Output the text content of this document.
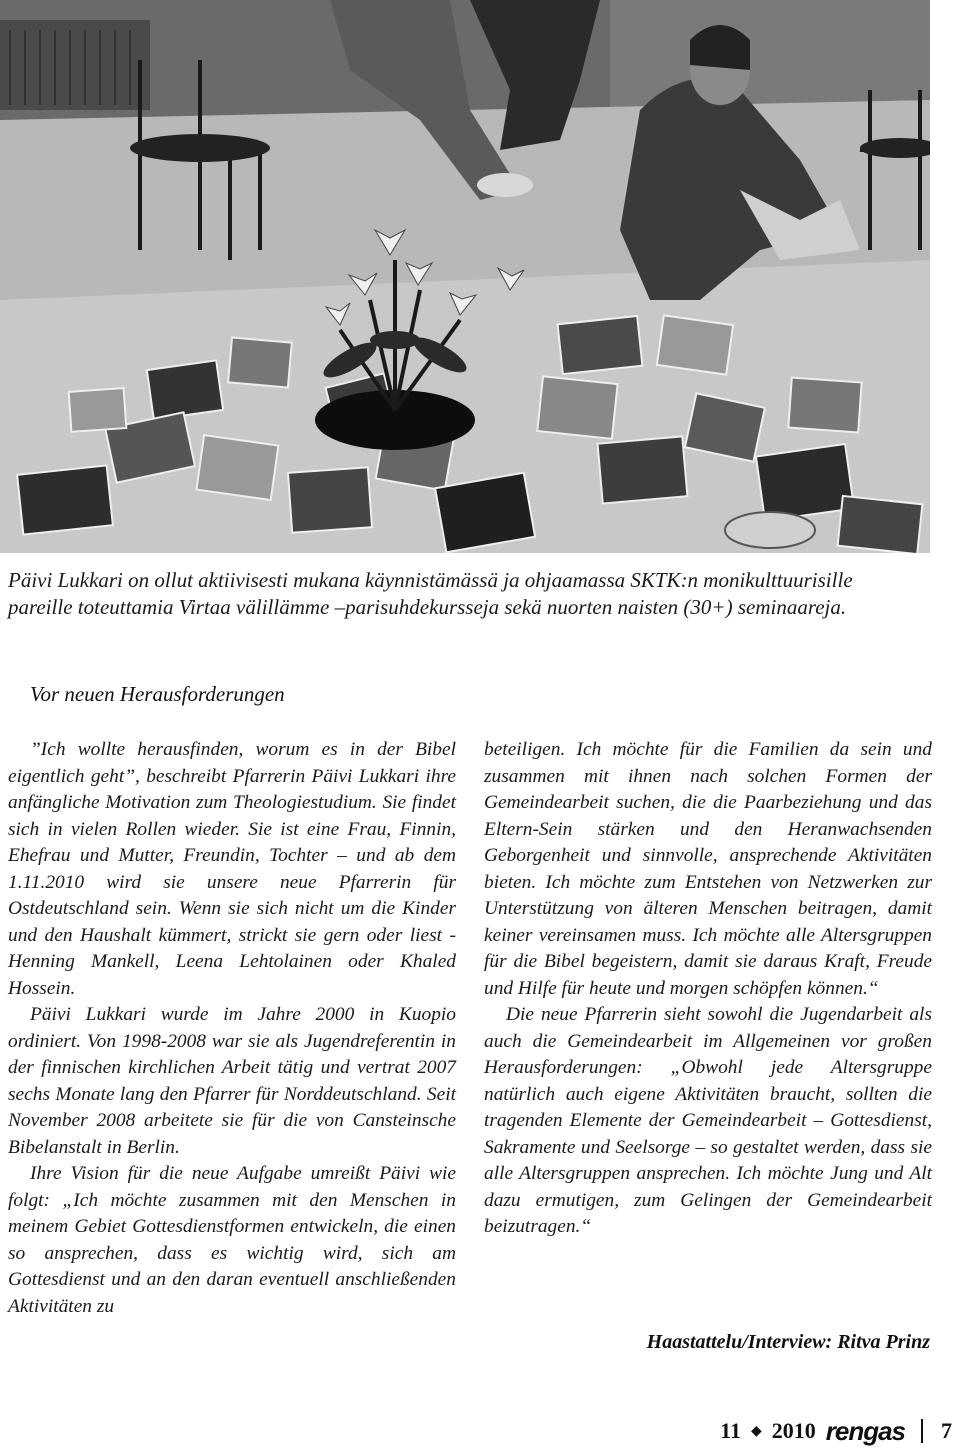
Päivi Lukkari on ollut aktiivisesti mukana käynnistämässä ja ohjaamassa SKTK:n monikulttuurisille

pareille toteuttamia Virtaa välillämme –parisuhdekursseja sekä nuorten naisten (30+) seminaareja.

Vor neuen Herausforderungen

”Ich wollte herausfinden, worum es in der Bibel eigentlich geht”, beschreibt Pfarrerin Päivi Lukkari ihre anfängliche Motivation zum Theologiestudium. Sie findet sich in vielen Rollen wieder. Sie ist eine Frau, Finnin, Ehefrau und Mutter, Freundin, Tochter – und ab dem 1.11.2010 wird sie unsere neue Pfarrerin für Ostdeutschland sein. Wenn sie sich nicht um die Kinder und den Haushalt kümmert, strickt sie gern oder liest - Henning Mankell, Leena Lehtolainen oder Khaled Hossein.

Päivi Lukkari wurde im Jahre 2000 in Kuopio ordiniert. Von 1998-2008 war sie als Jugendreferentin in der finnischen kirchlichen Arbeit tätig und vertrat 2007 sechs Monate lang den Pfarrer für Norddeutschland. Seit November 2008 arbeitete sie für die von Cansteinsche Bibelanstalt in Berlin.

Ihre Vision für die neue Aufgabe umreißt Päivi wie folgt: „Ich möchte zusammen mit den Menschen in meinem Gebiet Gottesdienstformen entwickeln, die einen so ansprechen, dass es wichtig wird, sich am Gottesdienst und an den daran eventuell anschließenden Aktivitäten zu

beteiligen. Ich möchte für die Familien da sein und zusammen mit ihnen nach solchen Formen der Gemeindearbeit suchen, die die Paarbeziehung und das Eltern-Sein stärken und den Heranwachsenden Geborgenheit und sinnvolle, ansprechende Aktivitäten bieten. Ich möchte zum Entstehen von Netzwerken zur Unterstützung von älteren Menschen beitragen, damit keiner vereinsamen muss. Ich möchte alle Altersgruppen für die Bibel begeistern, damit sie daraus Kraft, Freude und Hilfe für heute und morgen schöpfen können.“

Die neue Pfarrerin sieht sowohl die Jugendarbeit als auch die Gemeindearbeit im Allgemeinen vor großen Herausforderungen: „Obwohl jede Altersgruppe natürlich auch eigene Aktivitäten braucht, sollten die tragenden Elemente der Gemeindearbeit – Gottesdienst, Sakramente und Seelsorge – so gestaltet werden, dass sie alle Altersgruppen ansprechen. Ich möchte Jung und Alt dazu ermutigen, zum Gelingen der Gemeindearbeit beizutragen.“

Haastattelu/Interview: Ritva Prinz
11 ◆ 2010 rengas 7
